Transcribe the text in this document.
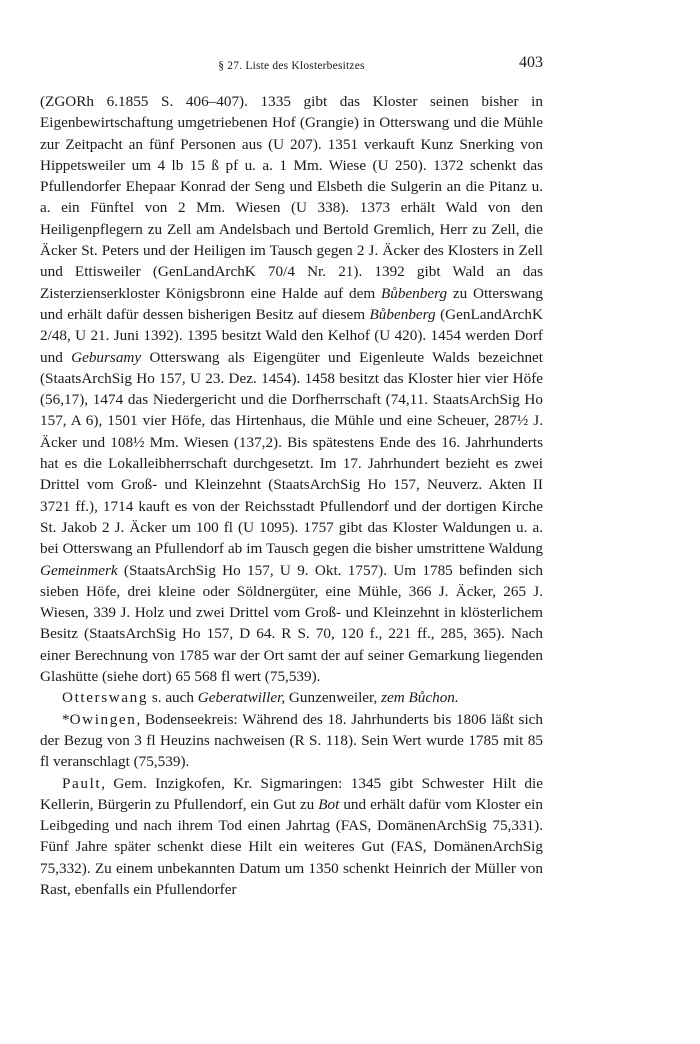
§ 27. Liste des Klosterbesitzes	403

(ZGORh 6.1855 S. 406–407). 1335 gibt das Kloster seinen bisher in Eigenbewirtschaftung umgetriebenen Hof (Grangie) in Otterswang und die Mühle zur Zeitpacht an fünf Personen aus (U 207). 1351 verkauft Kunz Snerking von Hippetsweiler um 4 lb 15 ß pf u. a. 1 Mm. Wiese (U 250). 1372 schenkt das Pfullendorfer Ehepaar Konrad der Seng und Elsbeth die Sulgerin an die Pitanz u. a. ein Fünftel von 2 Mm. Wiesen (U 338). 1373 erhält Wald von den Heiligenpflegern zu Zell am Andelsbach und Bertold Gremlich, Herr zu Zell, die Äcker St. Peters und der Heiligen im Tausch gegen 2 J. Äcker des Klosters in Zell und Ettisweiler (GenLandArchK 70/4 Nr. 21). 1392 gibt Wald an das Zisterzienserkloster Königsbronn eine Halde auf dem Bůbenberg zu Otterswang und erhält dafür dessen bisherigen Besitz auf diesem Bůbenberg (GenLandArchK 2/48, U 21. Juni 1392). 1395 besitzt Wald den Kelhof (U 420). 1454 werden Dorf und Gebursamy Otterswang als Eigengüter und Eigenleute Walds bezeichnet (StaatsArchSig Ho 157, U 23. Dez. 1454). 1458 besitzt das Kloster hier vier Höfe (56,17), 1474 das Niedergericht und die Dorfherrschaft (74,11. StaatsArchSig Ho 157, A 6), 1501 vier Höfe, das Hirtenhaus, die Mühle und eine Scheuer, 287½ J. Äcker und 108½ Mm. Wiesen (137,2). Bis spätestens Ende des 16. Jahrhunderts hat es die Lokalleibherrschaft durchgesetzt. Im 17. Jahrhundert bezieht es zwei Drittel vom Groß- und Kleinzehnt (StaatsArchSig Ho 157, Neuverz. Akten II 3721 ff.), 1714 kauft es von der Reichsstadt Pfullendorf und der dortigen Kirche St. Jakob 2 J. Äcker um 100 fl (U 1095). 1757 gibt das Kloster Waldungen u. a. bei Otterswang an Pfullendorf ab im Tausch gegen die bisher umstrittene Waldung Gemeinmerk (StaatsArchSig Ho 157, U 9. Okt. 1757). Um 1785 befinden sich sieben Höfe, drei kleine oder Söldnergüter, eine Mühle, 366 J. Äcker, 265 J. Wiesen, 339 J. Holz und zwei Drittel vom Groß- und Kleinzehnt in klösterlichem Besitz (StaatsArchSig Ho 157, D 64. R S. 70, 120 f., 221 ff., 285, 365). Nach einer Berechnung von 1785 war der Ort samt der auf seiner Gemarkung liegenden Glashütte (siehe dort) 65 568 fl wert (75,539).

Otterswang s. auch Geberatwiller, Gunzenweiler, zem Bůchon.

*Owingen, Bodenseekreis: Während des 18. Jahrhunderts bis 1806 läßt sich der Bezug von 3 fl Heuzins nachweisen (R S. 118). Sein Wert wurde 1785 mit 85 fl veranschlagt (75,539).

Pault, Gem. Inzigkofen, Kr. Sigmaringen: 1345 gibt Schwester Hilt die Kellerin, Bürgerin zu Pfullendorf, ein Gut zu Bot und erhält dafür vom Kloster ein Leibgeding und nach ihrem Tod einen Jahrtag (FAS, DomänenArchSig 75,331). Fünf Jahre später schenkt diese Hilt ein weiteres Gut (FAS, DomänenArchSig 75,332). Zu einem unbekannten Datum um 1350 schenkt Heinrich der Müller von Rast, ebenfalls ein Pfullendorfer
